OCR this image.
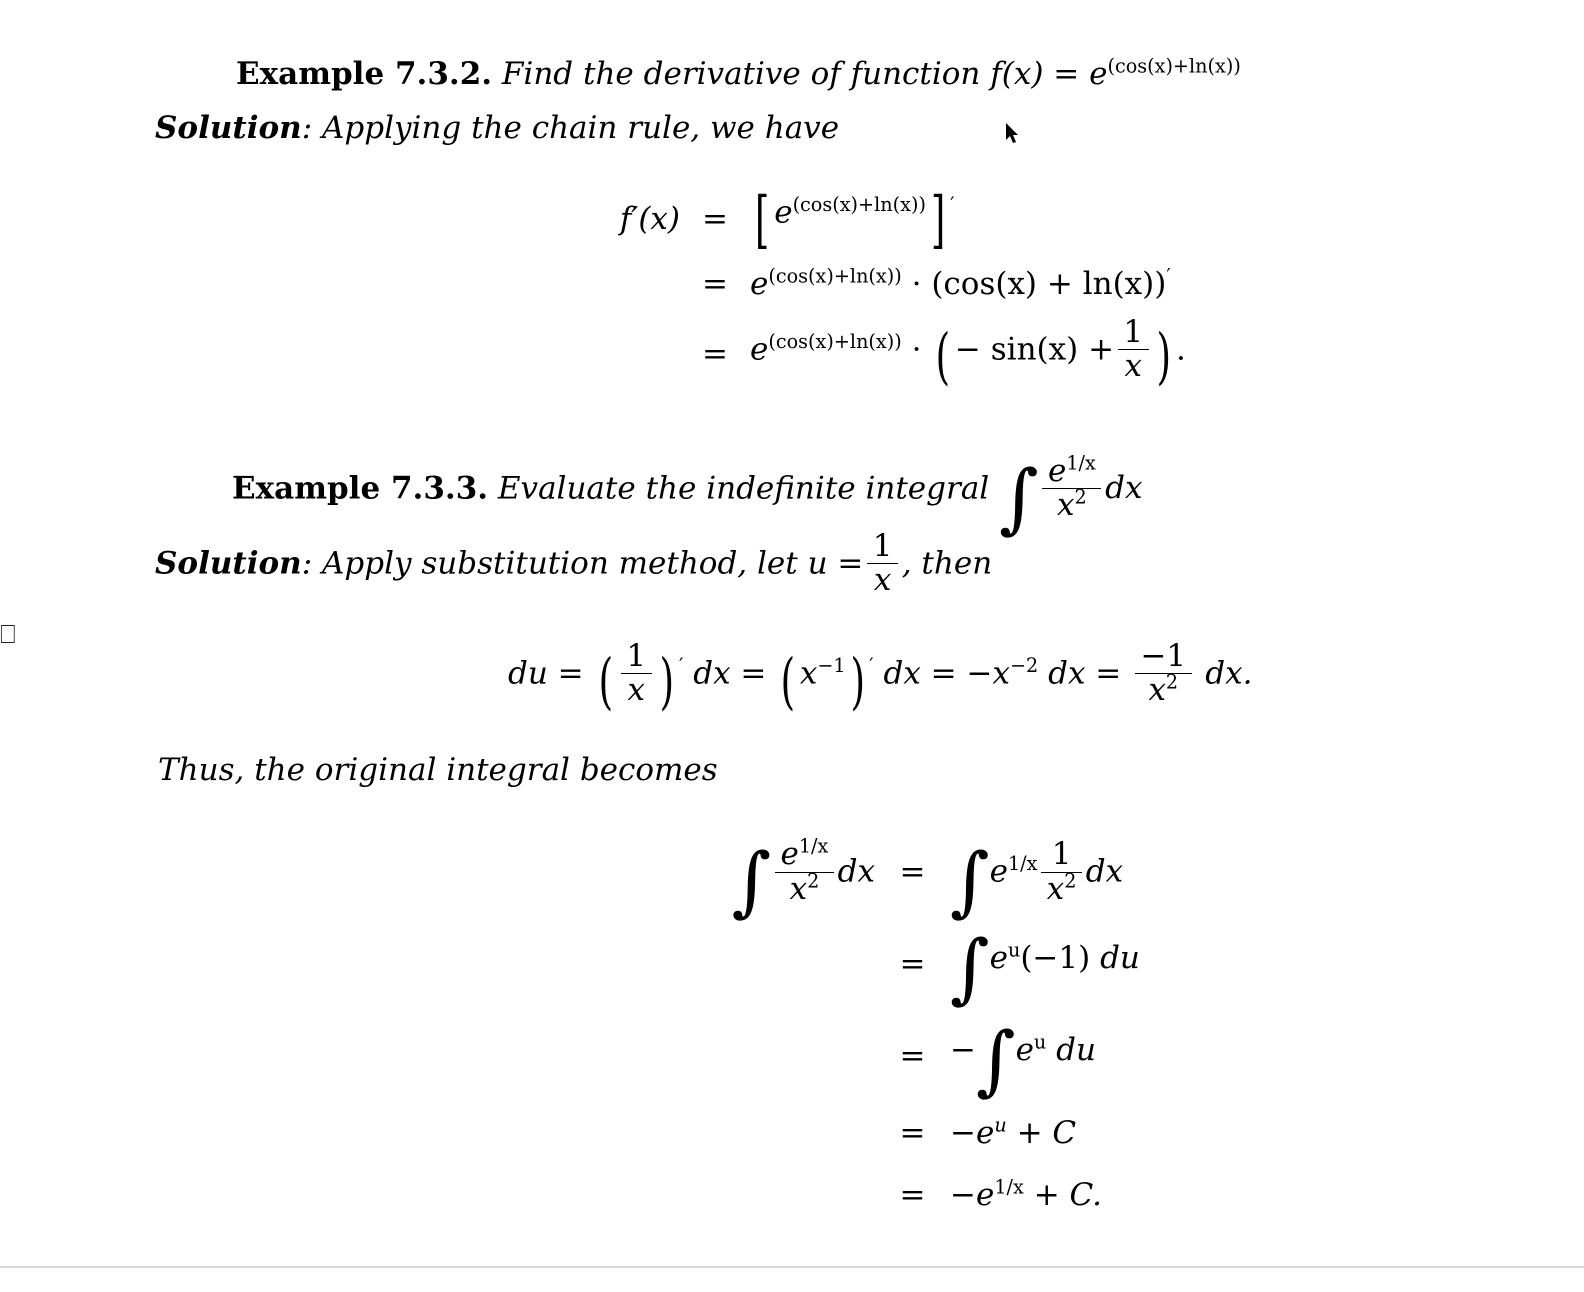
Example 7.3.2. Find the derivative of function $f(x) = e^{(cos(x)+ln(x))}$
Solution: Applying the chain rule, we have
f′(x) = [ $e^{(cos(x)+ln(x))}$] ′
= $e^{(cos(x)+ln(x))} \cdot (\cos(x) + \ln(x))'$
= $e^{(cos(x)+ln(x))}$ · ( − $\sin(x) + \frac{1}{x}$ ) .
Example 7.3.3. Evaluate the indefinite integral ∫ $\frac{e^{1/x}}{x^2}$ dx
Solution: Apply substitution method, let $u = \frac{1}{x}$ , then
du = ( $\frac{1}{x}$ ) ′ dx = ( $x^{-1}$) ′ dx = $-x^{-2}$ dx = $\frac{-1}{x^2}$ dx.
Thus, the original integral becomes
∫ $\frac{e^{1/x}}{x^2}$ dx = $\int e^{1/x} \frac{1}{x^2}$ dx
= $\int e^u(-1)$ du
= $-\int e^u$ du
= $-e^u + C$
= $-e^{1/x} + C$.
⎕
